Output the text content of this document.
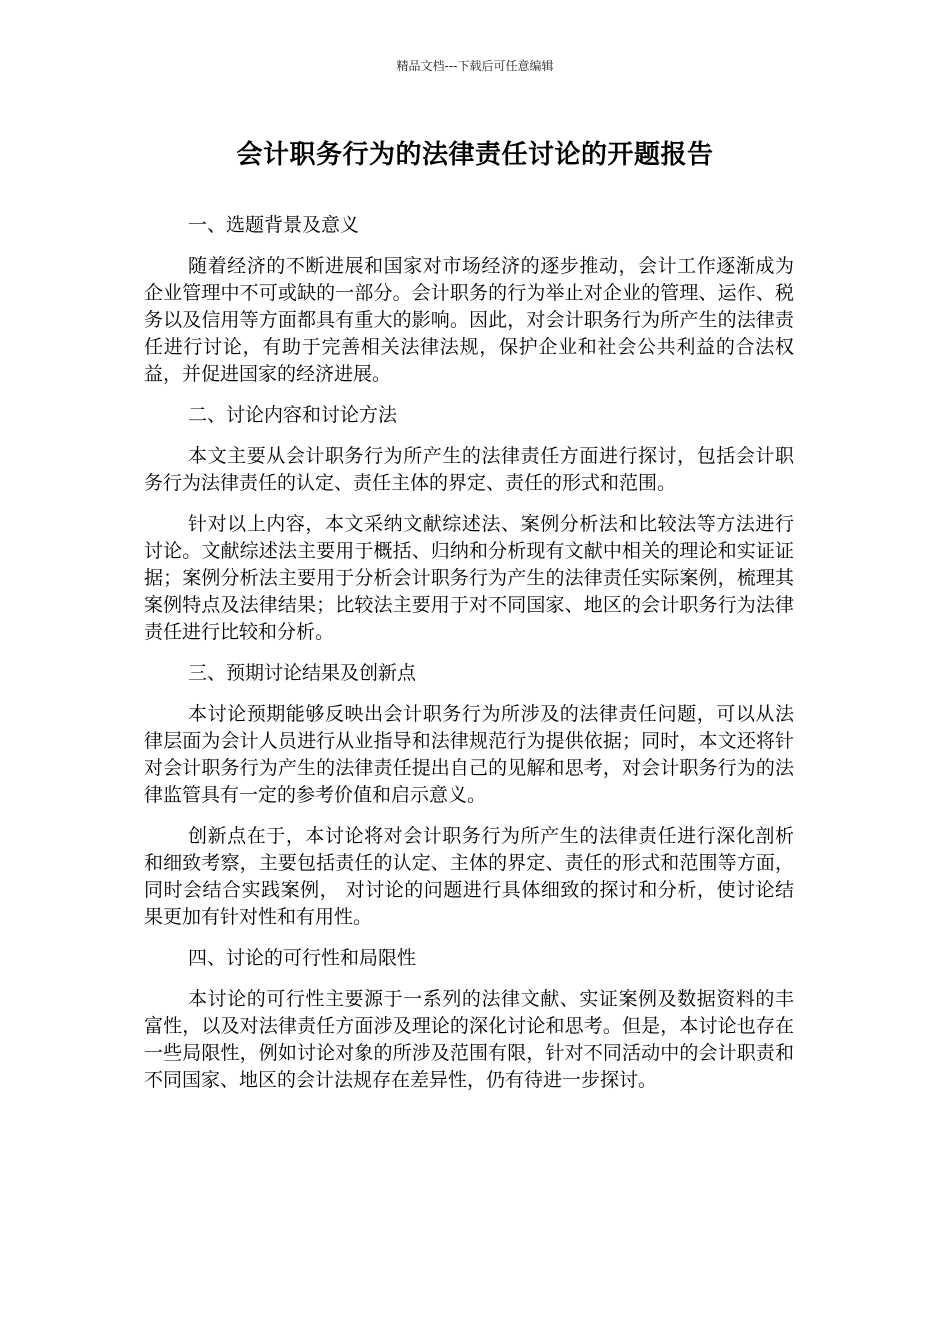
精品文档---下载后可任意编辑
会计职务行为的法律责任讨论的开题报告

一、选题背景及意义

随着经济的不断进展和国家对市场经济的逐步推动，会计工作逐渐成为企业管理中不可或缺的一部分。会计职务的行为举止对企业的管理、运作、税务以及信用等方面都具有重大的影响。因此，对会计职务行为所产生的法律责任进行讨论，有助于完善相关法律法规，保护企业和社会公共利益的合法权益，并促进国家的经济进展。

二、讨论内容和讨论方法

本文主要从会计职务行为所产生的法律责任方面进行探讨，包括会计职务行为法律责任的认定、责任主体的界定、责任的形式和范围。

针对以上内容，本文采纳文献综述法、案例分析法和比较法等方法进行讨论。文献综述法主要用于概括、归纳和分析现有文献中相关的理论和实证证据；案例分析法主要用于分析会计职务行为产生的法律责任实际案例，梳理其案例特点及法律结果；比较法主要用于对不同国家、地区的会计职务行为法律责任进行比较和分析。

三、预期讨论结果及创新点

本讨论预期能够反映出会计职务行为所涉及的法律责任问题，可以从法律层面为会计人员进行从业指导和法律规范行为提供依据；同时，本文还将针对会计职务行为产生的法律责任提出自己的见解和思考，对会计职务行为的法律监管具有一定的参考价值和启示意义。

创新点在于，本讨论将对会计职务行为所产生的法律责任进行深化剖析和细致考察，主要包括责任的认定、主体的界定、责任的形式和范围等方面，同时会结合实践案例， 对讨论的问题进行具体细致的探讨和分析，使讨论结果更加有针对性和有用性。

四、讨论的可行性和局限性

本讨论的可行性主要源于一系列的法律文献、实证案例及数据资料的丰富性，以及对法律责任方面涉及理论的深化讨论和思考。但是，本讨论也存在一些局限性，例如讨论对象的所涉及范围有限，针对不同活动中的会计职责和不同国家、地区的会计法规存在差异性，仍有待进一步探讨。
